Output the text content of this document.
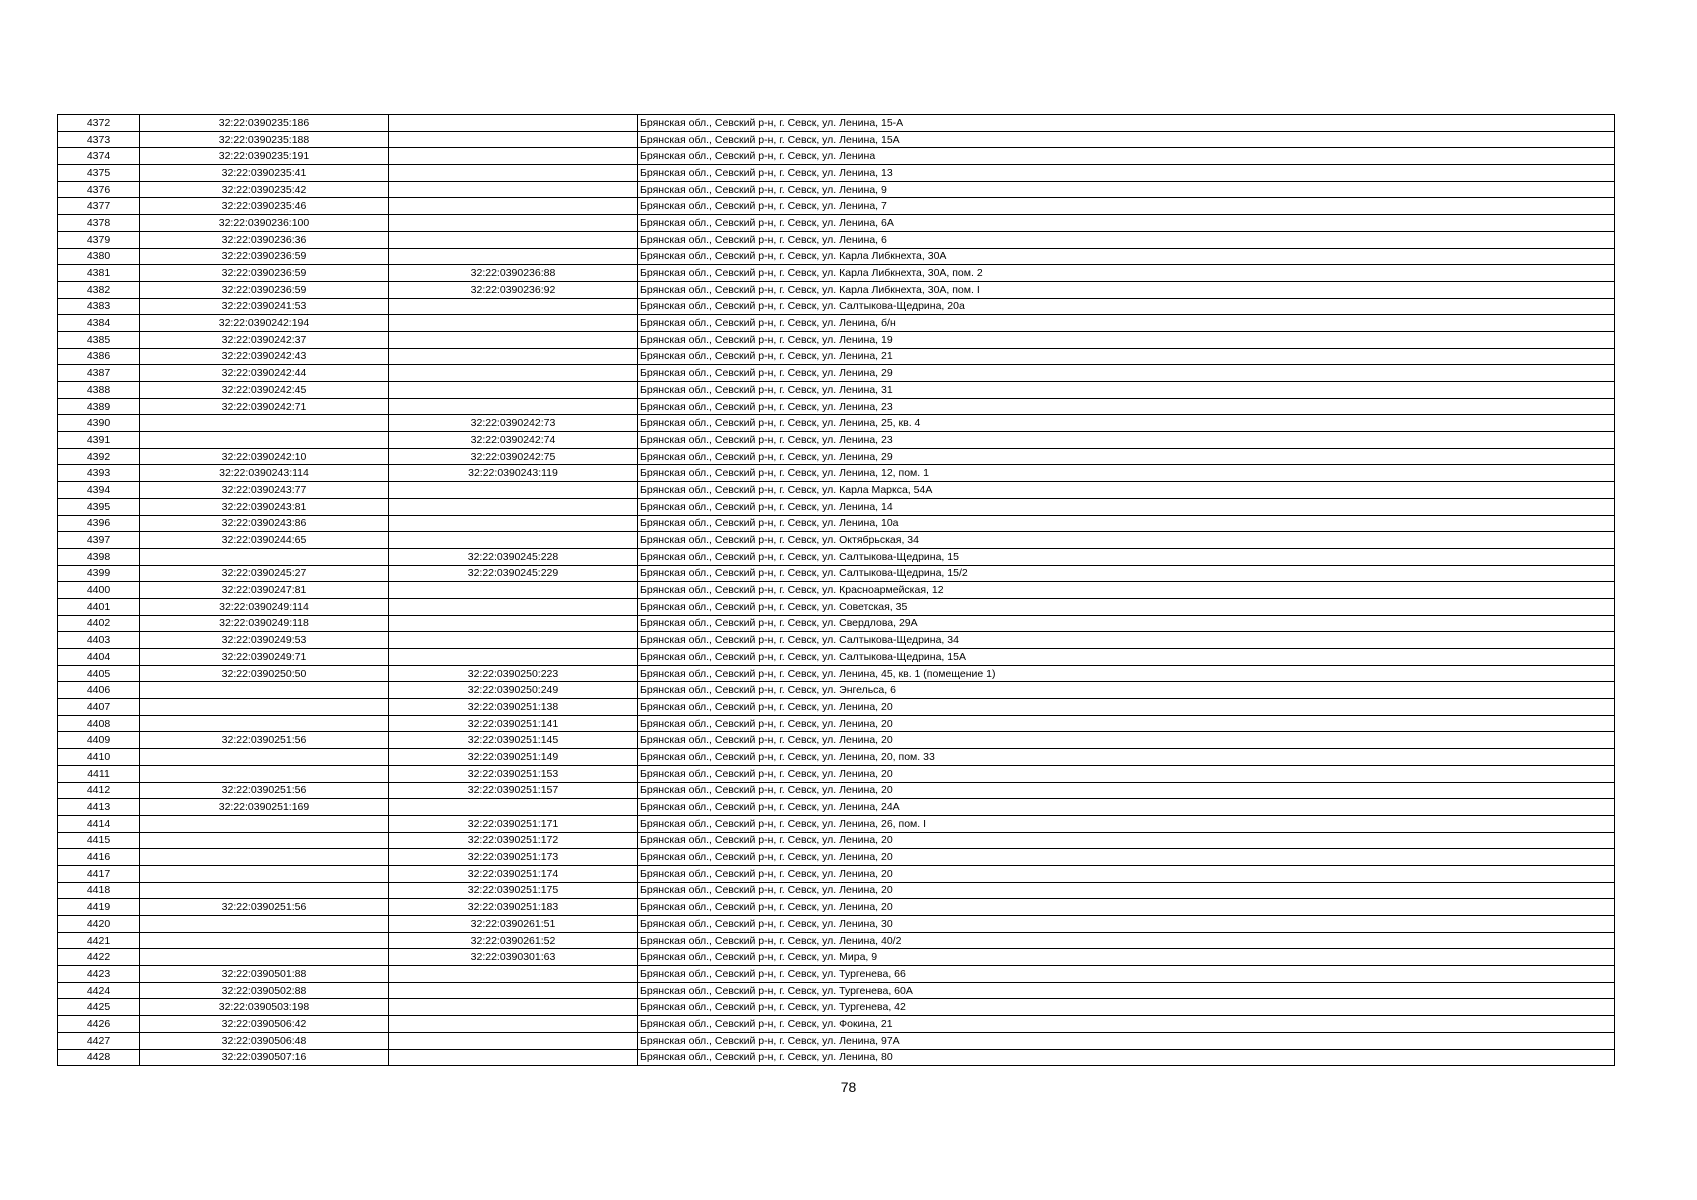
4372	32:22:0390235:186		Брянская обл., Севский р-н, г. Севск, ул. Ленина, 15-А
4373	32:22:0390235:188		Брянская обл., Севский р-н, г. Севск, ул. Ленина, 15А
4374	32:22:0390235:191		Брянская обл., Севский р-н, г. Севск, ул. Ленина
4375	32:22:0390235:41		Брянская обл., Севский р-н, г. Севск, ул. Ленина, 13
4376	32:22:0390235:42		Брянская обл., Севский р-н, г. Севск, ул. Ленина, 9
4377	32:22:0390235:46		Брянская обл., Севский р-н, г. Севск, ул. Ленина, 7
4378	32:22:0390236:100		Брянская обл., Севский р-н, г. Севск, ул. Ленина, 6А
4379	32:22:0390236:36		Брянская обл., Севский р-н, г. Севск, ул. Ленина, 6
4380	32:22:0390236:59		Брянская обл., Севский р-н, г. Севск, ул. Карла Либкнехта, 30А
4381	32:22:0390236:59	32:22:0390236:88	Брянская обл., Севский р-н, г. Севск, ул. Карла Либкнехта, 30А, пом. 2
4382	32:22:0390236:59	32:22:0390236:92	Брянская обл., Севский р-н, г. Севск, ул. Карла Либкнехта, 30А, пом. I
4383	32:22:0390241:53		Брянская обл., Севский р-н, г. Севск, ул. Салтыкова-Щедрина, 20а
4384	32:22:0390242:194		Брянская обл., Севский р-н, г. Севск, ул. Ленина, б/н
4385	32:22:0390242:37		Брянская обл., Севский р-н, г. Севск, ул. Ленина, 19
4386	32:22:0390242:43		Брянская обл., Севский р-н, г. Севск, ул. Ленина, 21
4387	32:22:0390242:44		Брянская обл., Севский р-н, г. Севск, ул. Ленина, 29
4388	32:22:0390242:45		Брянская обл., Севский р-н, г. Севск, ул. Ленина, 31
4389	32:22:0390242:71		Брянская обл., Севский р-н, г. Севск, ул. Ленина, 23
4390		32:22:0390242:73	Брянская обл., Севский р-н, г. Севск, ул. Ленина, 25, кв. 4
4391		32:22:0390242:74	Брянская обл., Севский р-н, г. Севск, ул. Ленина, 23
4392	32:22:0390242:10	32:22:0390242:75	Брянская обл., Севский р-н, г. Севск, ул. Ленина, 29
4393	32:22:0390243:114	32:22:0390243:119	Брянская обл., Севский р-н, г. Севск, ул. Ленина, 12, пом. 1
4394	32:22:0390243:77		Брянская обл., Севский р-н, г. Севск, ул. Карла Маркса, 54А
4395	32:22:0390243:81		Брянская обл., Севский р-н, г. Севск, ул. Ленина, 14
4396	32:22:0390243:86		Брянская обл., Севский р-н, г. Севск, ул. Ленина, 10а
4397	32:22:0390244:65		Брянская обл., Севский р-н, г. Севск, ул. Октябрьская, 34
4398		32:22:0390245:228	Брянская обл., Севский р-н, г. Севск, ул. Салтыкова-Щедрина, 15
4399	32:22:0390245:27	32:22:0390245:229	Брянская обл., Севский р-н, г. Севск, ул. Салтыкова-Щедрина, 15/2
4400	32:22:0390247:81		Брянская обл., Севский р-н, г. Севск, ул. Красноармейская, 12
4401	32:22:0390249:114		Брянская обл., Севский р-н, г. Севск, ул. Советская, 35
4402	32:22:0390249:118		Брянская обл., Севский р-н, г. Севск, ул. Свердлова, 29А
4403	32:22:0390249:53		Брянская обл., Севский р-н, г. Севск, ул. Салтыкова-Щедрина, 34
4404	32:22:0390249:71		Брянская обл., Севский р-н, г. Севск, ул. Салтыкова-Щедрина, 15А
4405	32:22:0390250:50	32:22:0390250:223	Брянская обл., Севский р-н, г. Севск, ул. Ленина, 45, кв. 1 (помещение 1)
4406		32:22:0390250:249	Брянская обл., Севский р-н, г. Севск, ул. Энгельса, 6
4407		32:22:0390251:138	Брянская обл., Севский р-н, г. Севск, ул. Ленина, 20
4408		32:22:0390251:141	Брянская обл., Севский р-н, г. Севск, ул. Ленина, 20
4409	32:22:0390251:56	32:22:0390251:145	Брянская обл., Севский р-н, г. Севск, ул. Ленина, 20
4410		32:22:0390251:149	Брянская обл., Севский р-н, г. Севск, ул. Ленина, 20, пом. 33
4411		32:22:0390251:153	Брянская обл., Севский р-н, г. Севск, ул. Ленина, 20
4412	32:22:0390251:56	32:22:0390251:157	Брянская обл., Севский р-н, г. Севск, ул. Ленина, 20
4413	32:22:0390251:169		Брянская обл., Севский р-н, г. Севск, ул. Ленина, 24А
4414		32:22:0390251:171	Брянская обл., Севский р-н, г. Севск, ул. Ленина, 26, пом. I
4415		32:22:0390251:172	Брянская обл., Севский р-н, г. Севск, ул. Ленина, 20
4416		32:22:0390251:173	Брянская обл., Севский р-н, г. Севск, ул. Ленина, 20
4417		32:22:0390251:174	Брянская обл., Севский р-н, г. Севск, ул. Ленина, 20
4418		32:22:0390251:175	Брянская обл., Севский р-н, г. Севск, ул. Ленина, 20
4419	32:22:0390251:56	32:22:0390251:183	Брянская обл., Севский р-н, г. Севск, ул. Ленина, 20
4420		32:22:0390261:51	Брянская обл., Севский р-н, г. Севск, ул. Ленина, 30
4421		32:22:0390261:52	Брянская обл., Севский р-н, г. Севск, ул. Ленина, 40/2
4422		32:22:0390301:63	Брянская обл., Севский р-н, г. Севск, ул. Мира, 9
4423	32:22:0390501:88		Брянская обл., Севский р-н, г. Севск, ул. Тургенева, 66
4424	32:22:0390502:88		Брянская обл., Севский р-н, г. Севск, ул. Тургенева, 60А
4425	32:22:0390503:198		Брянская обл., Севский р-н, г. Севск, ул. Тургенева, 42
4426	32:22:0390506:42		Брянская обл., Севский р-н, г. Севск, ул. Фокина, 21
4427	32:22:0390506:48		Брянская обл., Севский р-н, г. Севск, ул. Ленина, 97А
4428	32:22:0390507:16		Брянская обл., Севский р-н, г. Севск, ул. Ленина, 80
78
